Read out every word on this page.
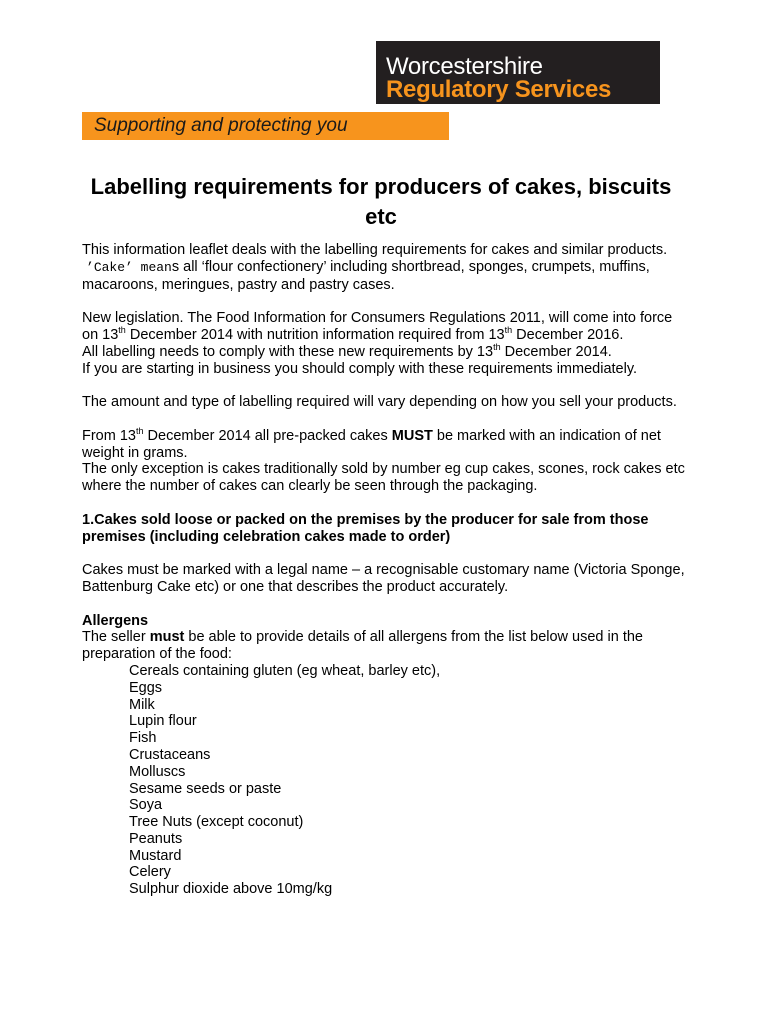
Worcestershire
Regulatory Services
Supporting and protecting you
Labelling requirements for producers of cakes, biscuits etc

This information leaflet deals with the labelling requirements for cakes and similar products.

’Cake’ means all ‘flour confectionery’ including shortbread, sponges, crumpets, muffins, macaroons, meringues, pastry and pastry cases.

New legislation. The Food Information for Consumers Regulations 2011, will come into force on 13th December 2014 with nutrition information required from 13th December 2016.

All labelling needs to comply with these new requirements by 13th December 2014.

If you are starting in business you should comply with these requirements immediately.

The amount and type of labelling required will vary depending on how you sell your products.

From 13th December 2014 all pre-packed cakes MUST be marked with an indication of net weight in grams.

The only exception is cakes traditionally sold by number eg cup cakes, scones, rock cakes etc where the number of cakes can clearly be seen through the packaging.

1.Cakes sold loose or packed on the premises by the producer for sale from those premises (including celebration cakes made to order)

Cakes must be marked with a legal name – a recognisable customary name (Victoria Sponge, Battenburg Cake etc) or one that describes the product accurately.

Allergens

The seller must be able to provide details of all allergens from the list below used in the preparation of the food:

Cereals containing gluten (eg wheat, barley etc),
Eggs
Milk
Lupin flour
Fish
Crustaceans
Molluscs
Sesame seeds or paste
Soya
Tree Nuts (except coconut)
Peanuts
Mustard
Celery
Sulphur dioxide above 10mg/kg
